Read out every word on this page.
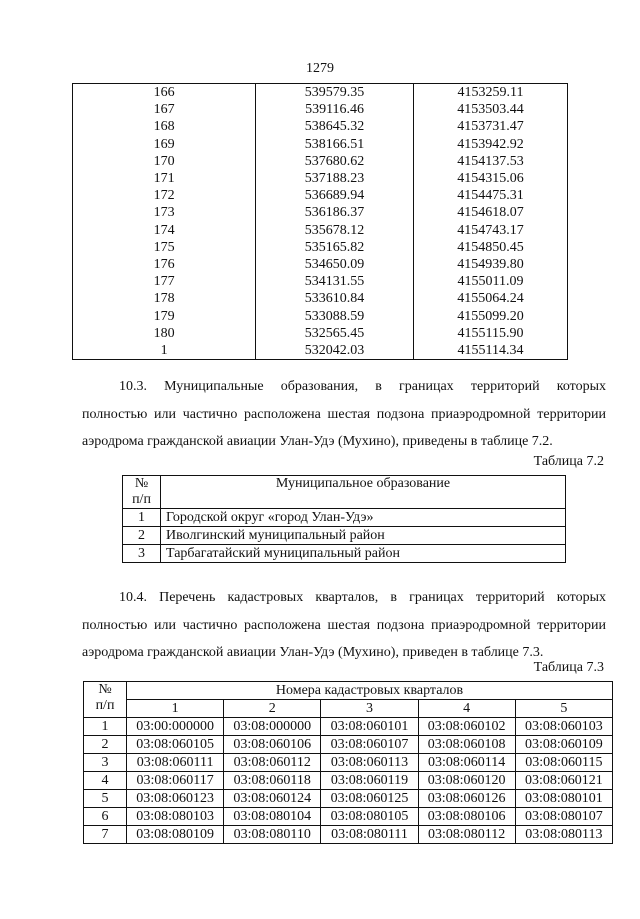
1279
166	539579.35	4153259.11
167	539116.46	4153503.44
168	538645.32	4153731.47
169	538166.51	4153942.92
170	537680.62	4154137.53
171	537188.23	4154315.06
172	536689.94	4154475.31
173	536186.37	4154618.07
174	535678.12	4154743.17
175	535165.82	4154850.45
176	534650.09	4154939.80
177	534131.55	4155011.09
178	533610.84	4155064.24
179	533088.59	4155099.20
180	532565.45	4155115.90
1	532042.03	4155114.34
10.3. Муниципальные образования, в границах территорий которых
полностью или частично расположена шестая подзона приаэродромной территории
аэродрома гражданской авиации Улан-Удэ (Мухино), приведены в таблице 7.2.
Таблица 7.2
№
п/п	Муниципальное образование
1	Городской округ «город Улан-Удэ»
2	Иволгинский муниципальный район
3	Тарбагатайский муниципальный район
10.4. Перечень кадастровых кварталов, в границах территорий которых
полностью или частично расположена шестая подзона приаэродромной территории
аэродрома гражданской авиации Улан-Удэ (Мухино), приведен в таблице 7.3.
Таблица 7.3
№
п/п	Номера кадастровых кварталов				
	1	2	3	4	5
1	03:00:000000	03:08:000000	03:08:060101	03:08:060102	03:08:060103
2	03:08:060105	03:08:060106	03:08:060107	03:08:060108	03:08:060109
3	03:08:060111	03:08:060112	03:08:060113	03:08:060114	03:08:060115
4	03:08:060117	03:08:060118	03:08:060119	03:08:060120	03:08:060121
5	03:08:060123	03:08:060124	03:08:060125	03:08:060126	03:08:080101
6	03:08:080103	03:08:080104	03:08:080105	03:08:080106	03:08:080107
7	03:08:080109	03:08:080110	03:08:080111	03:08:080112	03:08:080113
